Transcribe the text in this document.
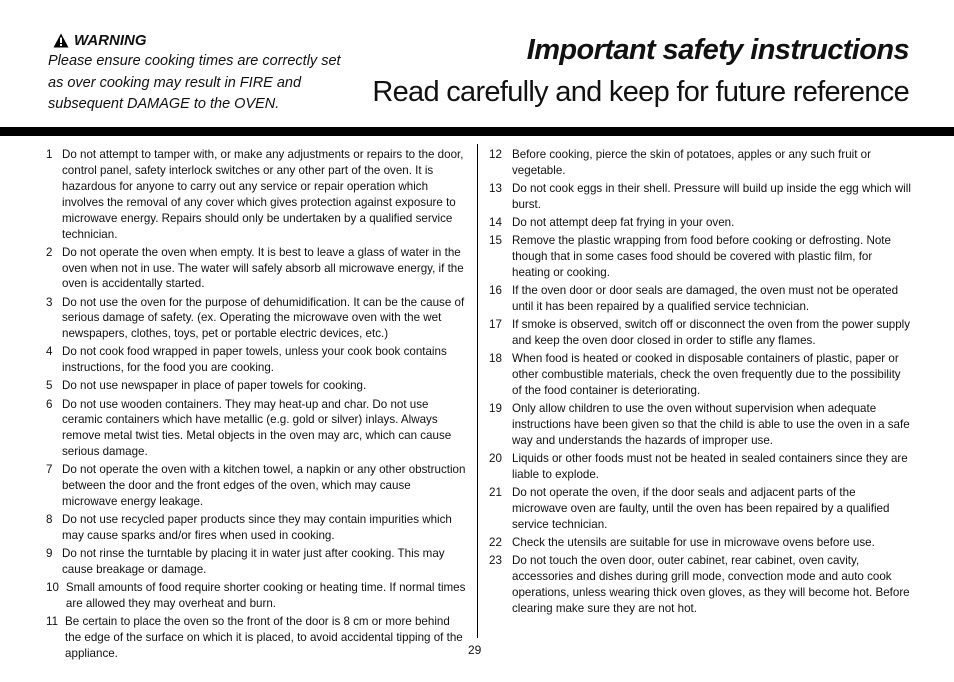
WARNING
Please ensure cooking times are correctly set as over cooking may result in FIRE and subsequent DAMAGE to the OVEN.
Important safety instructions
Read carefully and keep for future reference
1 Do not attempt to tamper with, or make any adjustments or repairs to the door, control panel, safety interlock switches or any other part of the oven. It is hazardous for anyone to carry out any service or repair operation which involves the removal of any cover which gives protection against exposure to microwave energy. Repairs should only be undertaken by a qualified service technician.
2 Do not operate the oven when empty. It is best to leave a glass of water in the oven when not in use. The water will safely absorb all microwave energy, if the oven is accidentally started.
3 Do not use the oven for the purpose of dehumidification. It can be the cause of serious damage of safety. (ex. Operating the microwave oven with the wet newspapers, clothes, toys, pet or portable electric devices, etc.)
4 Do not cook food wrapped in paper towels, unless your cook book contains instructions, for the food you are cooking.
5 Do not use newspaper in place of paper towels for cooking.
6 Do not use wooden containers. They may heat-up and char. Do not use ceramic containers which have metallic (e.g. gold or silver) inlays. Always remove metal twist ties. Metal objects in the oven may arc, which can cause serious damage.
7 Do not operate the oven with a kitchen towel, a napkin or any other obstruction between the door and the front edges of the oven, which may cause microwave energy leakage.
8 Do not use recycled paper products since they may contain impurities which may cause sparks and/or fires when used in cooking.
9 Do not rinse the turntable by placing it in water just after cooking. This may cause breakage or damage.
10 Small amounts of food require shorter cooking or heating time. If normal times are allowed they may overheat and burn.
11 Be certain to place the oven so the front of the door is 8 cm or more behind the edge of the surface on which it is placed, to avoid accidental tipping of the appliance.
12 Before cooking, pierce the skin of potatoes, apples or any such fruit or vegetable.
13 Do not cook eggs in their shell. Pressure will build up inside the egg which will burst.
14 Do not attempt deep fat frying in your oven.
15 Remove the plastic wrapping from food before cooking or defrosting. Note though that in some cases food should be covered with plastic film, for heating or cooking.
16 If the oven door or door seals are damaged, the oven must not be operated until it has been repaired by a qualified service technician.
17 If smoke is observed, switch off or disconnect the oven from the power supply and keep the oven door closed in order to stifle any flames.
18 When food is heated or cooked in disposable containers of plastic, paper or other combustible materials, check the oven frequently due to the possibility of the food container is deteriorating.
19 Only allow children to use the oven without supervision when adequate instructions have been given so that the child is able to use the oven in a safe way and understands the hazards of improper use.
20 Liquids or other foods must not be heated in sealed containers since they are liable to explode.
21 Do not operate the oven, if the door seals and adjacent parts of the microwave oven are faulty, until the oven has been repaired by a qualified service technician.
22 Check the utensils are suitable for use in microwave ovens before use.
23 Do not touch the oven door, outer cabinet, rear cabinet, oven cavity, accessories and dishes during grill mode, convection mode and auto cook operations, unless wearing thick oven gloves, as they will become hot. Before clearing make sure they are not hot.
29
